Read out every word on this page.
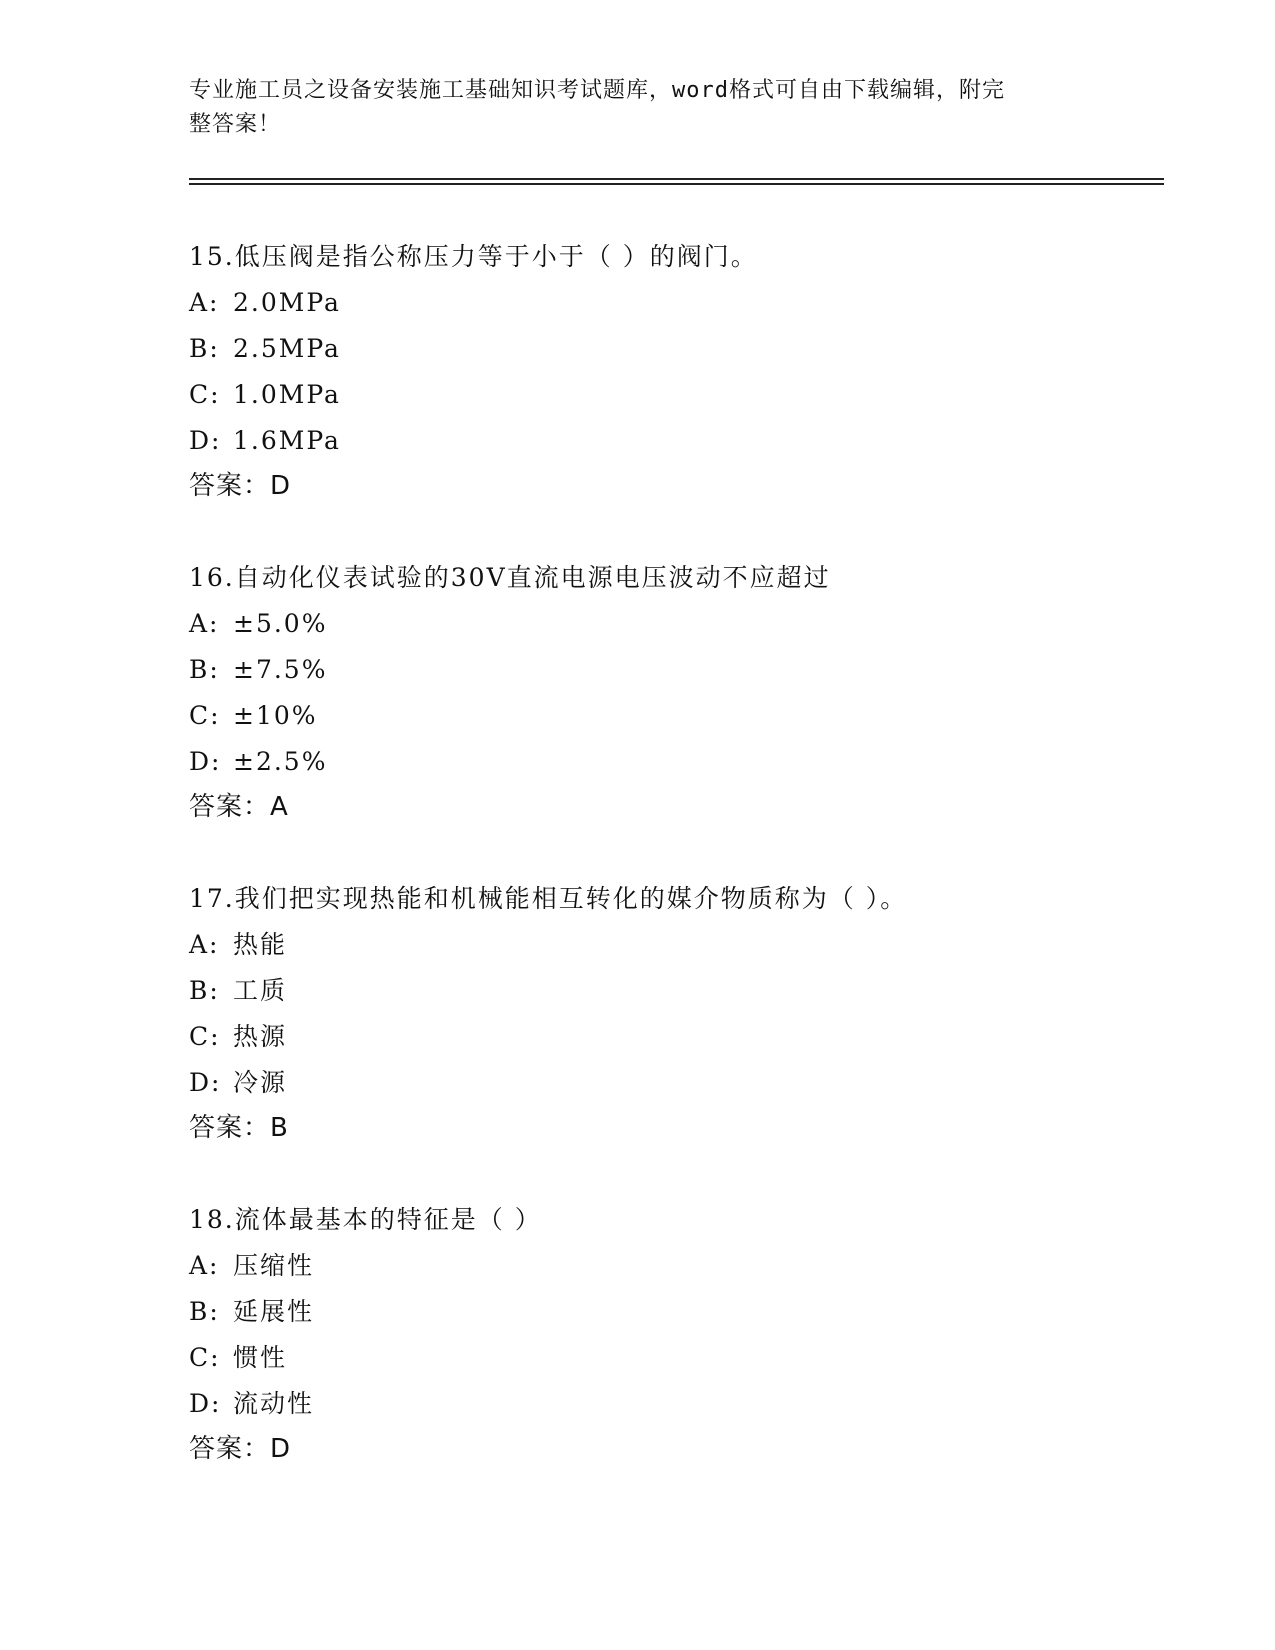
专业施工员之设备安装施工基础知识考试题库，word格式可自由下载编辑，附完
整答案！
15.低压阀是指公称压力等于小于（ ）的阀门。
A: 2.0MPa
B: 2.5MPa
C: 1.0MPa
D: 1.6MPa
答案：D
16.自动化仪表试验的30V直流电源电压波动不应超过
A: ±5.0%
B: ±7.5%
C: ±10%
D: ±2.5%
答案：A
17.我们把实现热能和机械能相互转化的媒介物质称为（ ）。
A: 热能
B: 工质
C: 热源
D: 冷源
答案：B
18.流体最基本的特征是（ ）
A: 压缩性
B: 延展性
C: 惯性
D: 流动性
答案：D
